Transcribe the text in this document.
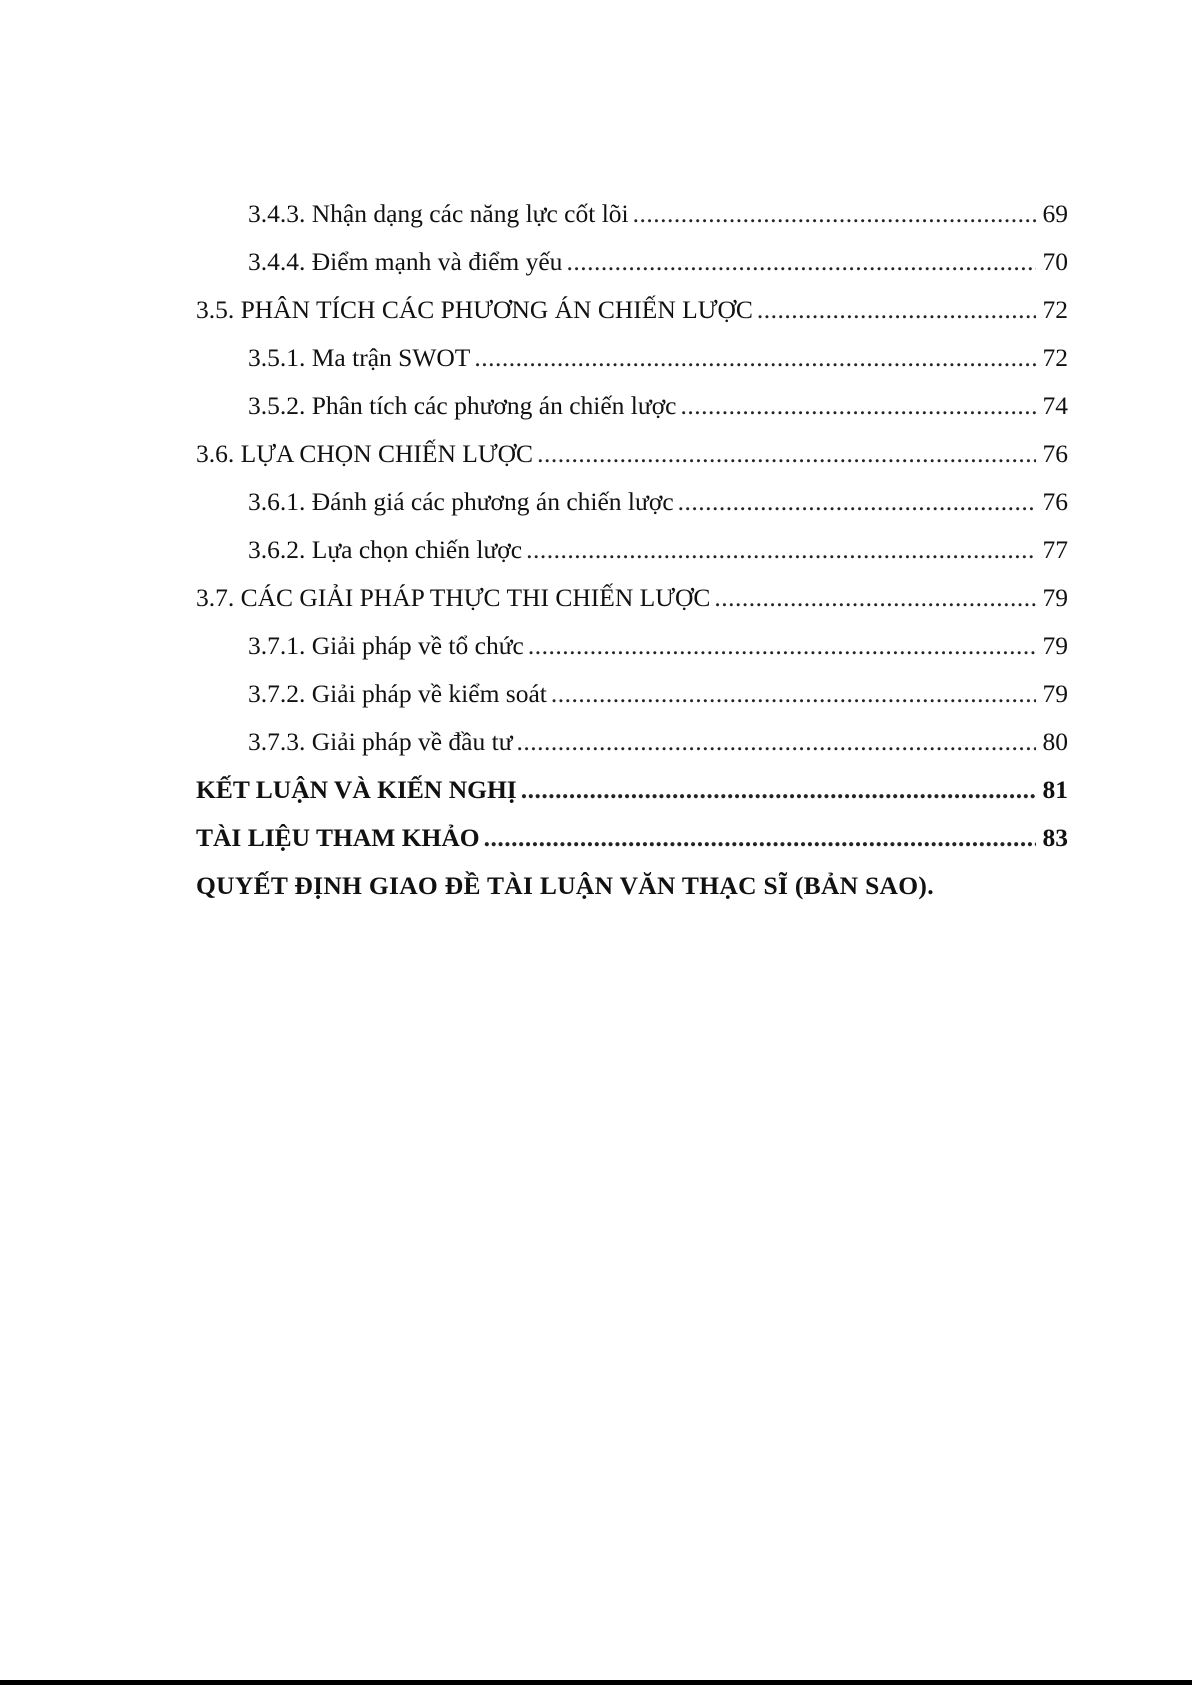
3.4.3. Nhận dạng các năng lực cốt lõi .....	69
3.4.4. Điểm mạnh và điểm yếu .....	70
3.5. PHÂN TÍCH CÁC PHƯƠNG ÁN CHIẾN LƯỢC .....	72
3.5.1. Ma trận SWOT .....	72
3.5.2. Phân tích các phương án chiến lược .....	74
3.6. LỰA CHỌN CHIẾN LƯỢC .....	76
3.6.1. Đánh giá các phương án chiến lược .....	76
3.6.2. Lựa chọn chiến lược .....	77
3.7. CÁC GIẢI PHÁP THỰC THI CHIẾN LƯỢC .....	79
3.7.1. Giải pháp về tổ chức .....	79
3.7.2. Giải pháp về kiểm soát .....	79
3.7.3. Giải pháp về đầu tư .....	80
KẾT LUẬN VÀ KIẾN NGHỊ .....	81
TÀI LIỆU THAM KHẢO .....	83
QUYẾT ĐỊNH GIAO ĐỀ TÀI LUẬN VĂN THẠC SĨ (BẢN SAO).
